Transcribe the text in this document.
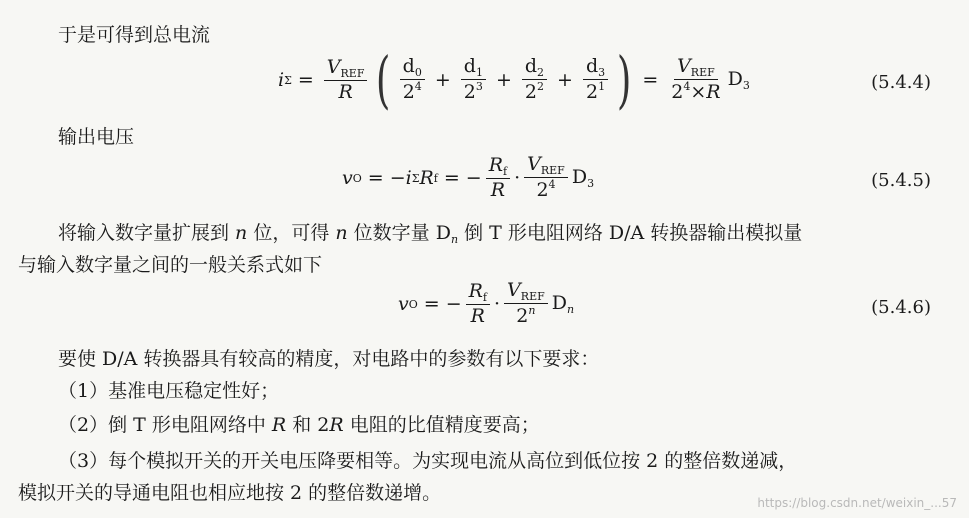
于是可得到总电流
i $\Sigma = \frac{V_{REF}}{R}$ ( $\frac{d_0}{2^4} + \frac{d_1}{2^3} + \frac{d_2}{2^2} + \frac{d_3}{2^1}$ ) = $\frac{V_{REF}}{2^4\times R} D_3$	(5.4.4)
输出电压
v O = −i Σ R f = − $\frac{R_f}{R} \cdot \frac{V_{REF}}{2^4} D_3$	(5.4.5)
将输入数字量扩展到 n 位，可得 n 位数字量 $D_n$ 倒 T 形电阻网络 D/A 转换器输出模拟量
与输入数字量之间的一般关系式如下
v O = − $\frac{R_f}{R} \cdot \frac{V_{REF}}{2^n} D_n$	(5.4.6)
要使 D/A 转换器具有较高的精度，对电路中的参数有以下要求：
（1）基准电压稳定性好；
（2）倒 T 形电阻网络中 R 和 2R 电阻的比值精度要高；
（3）每个模拟开关的开关电压降要相等。为实现电流从高位到低位按 2 的整倍数递减，
模拟开关的导通电阻也相应地按 2 的整倍数递增。	https://blog.csdn.net/weixin_...57
